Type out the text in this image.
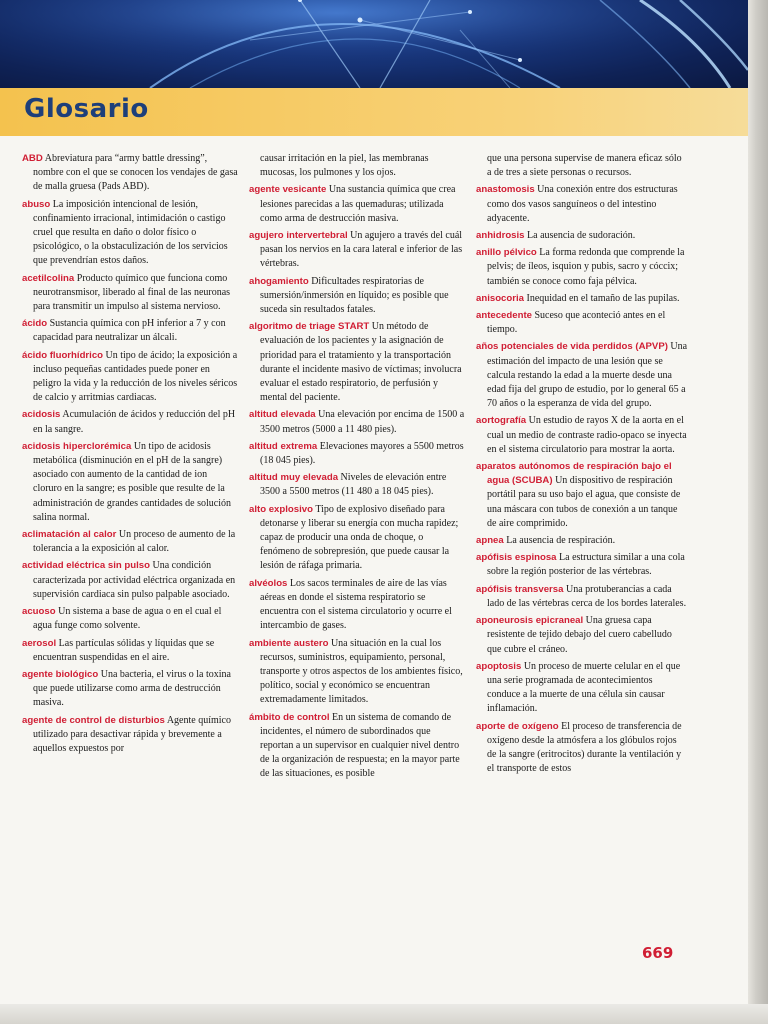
Glosario
ABD Abreviatura para “army battle dressing”, nombre con el que se conocen los vendajes de gasa de malla gruesa (Pads ABD).
abuso La imposición intencional de lesión, confinamiento irracional, intimidación o castigo cruel que resulta en daño o dolor físico o psicológico, o la obstaculización de los servicios que prevendrían estos daños.
acetilcolina Producto químico que funciona como neurotransmisor, liberado al final de las neuronas para transmitir un impulso al sistema nervioso.
ácido Sustancia química con pH inferior a 7 y con capacidad para neutralizar un álcali.
ácido fluorhídrico Un tipo de ácido; la exposición a incluso pequeñas cantidades puede poner en peligro la vida y la reducción de los niveles séricos de calcio y arritmias cardiacas.
acidosis Acumulación de ácidos y reducción del pH en la sangre.
acidosis hiperclorémica Un tipo de acidosis metabólica (disminución en el pH de la sangre) asociado con aumento de la cantidad de ion cloruro en la sangre; es posible que resulte de la administración de grandes cantidades de solución salina normal.
aclimatación al calor Un proceso de aumento de la tolerancia a la exposición al calor.
actividad eléctrica sin pulso Una condición caracterizada por actividad eléctrica organizada en supervisión cardiaca sin pulso palpable asociado.
acuoso Un sistema a base de agua o en el cual el agua funge como solvente.
aerosol Las partículas sólidas y líquidas que se encuentran suspendidas en el aire.
agente biológico Una bacteria, el virus o la toxina que puede utilizarse como arma de destrucción masiva.
agente de control de disturbios Agente químico utilizado para desactivar rápida y brevemente a aquellos expuestos por
causar irritación en la piel, las membranas mucosas, los pulmones y los ojos.
agente vesicante Una sustancia química que crea lesiones parecidas a las quemaduras; utilizada como arma de destrucción masiva.
agujero intervertebral Un agujero a través del cuál pasan los nervios en la cara lateral e inferior de las vértebras.
ahogamiento Dificultades respiratorias de sumersión/inmersión en líquido; es posible que suceda sin resultados fatales.
algoritmo de triage START Un método de evaluación de los pacientes y la asignación de prioridad para el tratamiento y la transportación durante el incidente masivo de víctimas; involucra evaluar el estado respiratorio, de perfusión y mental del paciente.
altitud elevada Una elevación por encima de 1500 a 3500 metros (5000 a 11 480 pies).
altitud extrema Elevaciones mayores a 5500 metros (18 045 pies).
altitud muy elevada Niveles de elevación entre 3500 a 5500 metros (11 480 a 18 045 pies).
alto explosivo Tipo de explosivo diseñado para detonarse y liberar su energía con mucha rapidez; capaz de producir una onda de choque, o fenómeno de sobrepresión, que puede causar la lesión de ráfaga primaria.
alvéolos Los sacos terminales de aire de las vías aéreas en donde el sistema respiratorio se encuentra con el sistema circulatorio y ocurre el intercambio de gases.
ambiente austero Una situación en la cual los recursos, suministros, equipamiento, personal, transporte y otros aspectos de los ambientes físico, político, social y económico se encuentran extremadamente limitados.
ámbito de control En un sistema de comando de incidentes, el número de subordinados que reportan a un supervisor en cualquier nivel dentro de la organización de respuesta; en la mayor parte de las situaciones, es posible
que una persona supervise de manera eficaz sólo a de tres a siete personas o recursos.
anastomosis Una conexión entre dos estructuras como dos vasos sanguíneos o del intestino adyacente.
anhidrosis La ausencia de sudoración.
anillo pélvico La forma redonda que comprende la pelvis; de íleos, isquion y pubis, sacro y cóccix; también se conoce como faja pélvica.
anisocoria Inequidad en el tamaño de las pupilas.
antecedente Suceso que aconteció antes en el tiempo.
años potenciales de vida perdidos (APVP) Una estimación del impacto de una lesión que se calcula restando la edad a la muerte desde una edad fija del grupo de estudio, por lo general 65 a 70 años o la esperanza de vida del grupo.
aortografía Un estudio de rayos X de la aorta en el cual un medio de contraste radio-opaco se inyecta en el sistema circulatorio para mostrar la aorta.
aparatos autónomos de respiración bajo el agua (SCUBA) Un dispositivo de respiración portátil para su uso bajo el agua, que consiste de una máscara con tubos de conexión a un tanque de aire comprimido.
apnea La ausencia de respiración.
apófisis espinosa La estructura similar a una cola sobre la región posterior de las vértebras.
apófisis transversa Una protuberancias a cada lado de las vértebras cerca de los bordes laterales.
aponeurosis epicraneal Una gruesa capa resistente de tejido debajo del cuero cabelludo que cubre el cráneo.
apoptosis Un proceso de muerte celular en el que una serie programada de acontecimientos conduce a la muerte de una célula sin causar inflamación.
aporte de oxígeno El proceso de transferencia de oxígeno desde la atmósfera a los glóbulos rojos de la sangre (eritrocitos) durante la ventilación y el transporte de estos
669
